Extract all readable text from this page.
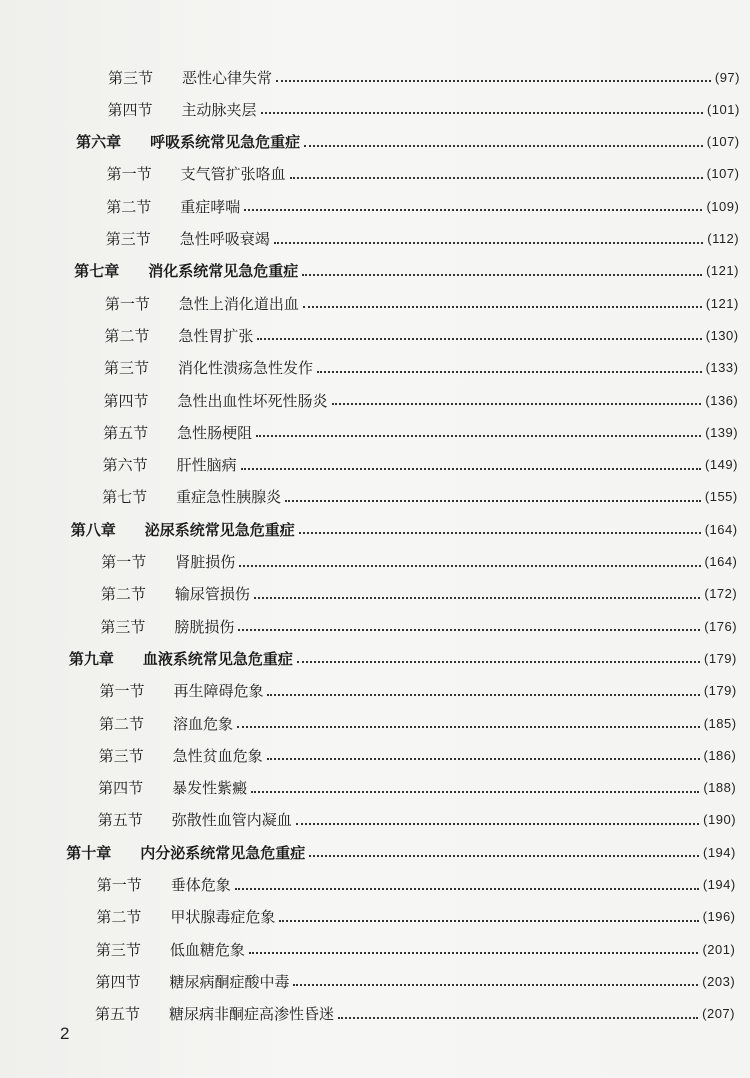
第三节	恶性心律失常	(97)
第四节	主动脉夹层	(101)
第六章	呼吸系统常见急危重症	(107)
第一节	支气管扩张咯血	(107)
第二节	重症哮喘	(109)
第三节	急性呼吸衰竭	(112)
第七章	消化系统常见急危重症	(121)
第一节	急性上消化道出血	(121)
第二节	急性胃扩张	(130)
第三节	消化性溃疡急性发作	(133)
第四节	急性出血性坏死性肠炎	(136)
第五节	急性肠梗阻	(139)
第六节	肝性脑病	(149)
第七节	重症急性胰腺炎	(155)
第八章	泌尿系统常见急危重症	(164)
第一节	肾脏损伤	(164)
第二节	输尿管损伤	(172)
第三节	膀胱损伤	(176)
第九章	血液系统常见急危重症	(179)
第一节	再生障碍危象	(179)
第二节	溶血危象	(185)
第三节	急性贫血危象	(186)
第四节	暴发性紫癜	(188)
第五节	弥散性血管内凝血	(190)
第十章	内分泌系统常见急危重症	(194)
第一节	垂体危象	(194)
第二节	甲状腺毒症危象	(196)
第三节	低血糖危象	(201)
第四节	糖尿病酮症酸中毒	(203)
第五节	糖尿病非酮症高渗性昏迷	(207)
2
